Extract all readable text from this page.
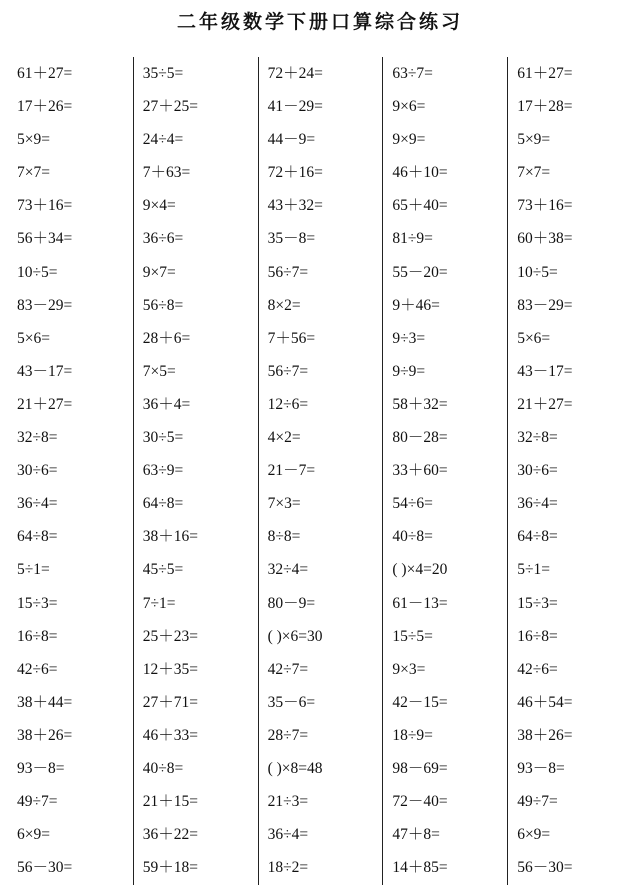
二年级数学下册口算综合练习
61＋27=
17＋26=
5×9=
7×7=
73＋16=
56＋34=
10÷5=
83－29=
5×6=
43－17=
21＋27=
32÷8=
30÷6=
36÷4=
64÷8=
5÷1=
15÷3=
16÷8=
42÷6=
38＋44=
38＋26=
93－8=
49÷7=
6×9=
56－30=
35÷5=
27＋25=
24÷4=
7＋63=
9×4=
36÷6=
9×7=
56÷8=
28＋6=
7×5=
36＋4=
30÷5=
63÷9=
64÷8=
38＋16=
45÷5=
7÷1=
25＋23=
12＋35=
27＋71=
46＋33=
40÷8=
21＋15=
36＋22=
59＋18=
72＋24=
41－29=
44－9=
72＋16=
43＋32=
35－8=
56÷7=
8×2=
7＋56=
56÷7=
12÷6=
4×2=
21－7=
7×3=
8÷8=
32÷4=
80－9=
( )×6=30
42÷7=
35－6=
28÷7=
( )×8=48
21÷3=
36÷4=
18÷2=
63÷7=
9×6=
9×9=
46＋10=
65＋40=
81÷9=
55－20=
9＋46=
9÷3=
9÷9=
58＋32=
80－28=
33＋60=
54÷6=
40÷8=
( )×4=20
61－13=
15÷5=
9×3=
42－15=
18÷9=
98－69=
72－40=
47＋8=
14＋85=
61＋27=
17＋28=
5×9=
7×7=
73＋16=
60＋38=
10÷5=
83－29=
5×6=
43－17=
21＋27=
32÷8=
30÷6=
36÷4=
64÷8=
5÷1=
15÷3=
16÷8=
42÷6=
46＋54=
38＋26=
93－8=
49÷7=
6×9=
56－30=
